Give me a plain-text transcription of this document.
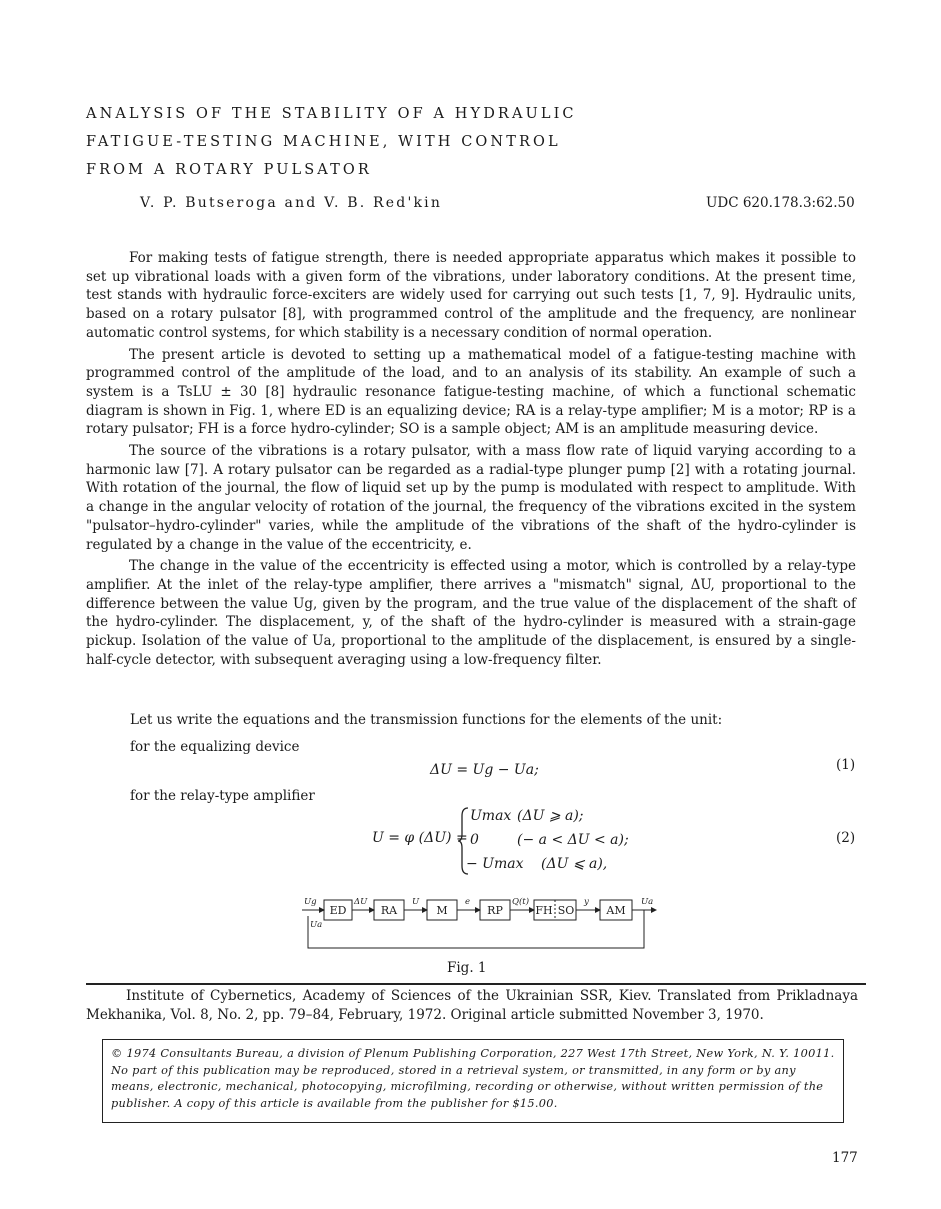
ANALYSIS OF THE STABILITY OF A HYDRAULIC
FATIGUE-TESTING MACHINE, WITH CONTROL
FROM A ROTARY PULSATOR
V. P. Butseroga and V. B. Red'kin	UDC 620.178.3:62.50

For making tests of fatigue strength, there is needed appropriate apparatus which makes it possible to set up vibrational loads with a given form of the vibrations, under laboratory conditions. At the present time, test stands with hydraulic force-exciters are widely used for carrying out such tests [1, 7, 9]. Hydraulic units, based on a rotary pulsator [8], with programmed control of the amplitude and the frequency, are nonlinear automatic control systems, for which stability is a necessary condition of normal operation.

The present article is devoted to setting up a mathematical model of a fatigue-testing machine with programmed control of the amplitude of the load, and to an analysis of its stability. An example of such a system is a TsLU ± 30 [8] hydraulic resonance fatigue-testing machine, of which a functional schematic diagram is shown in Fig. 1, where ED is an equalizing device; RA is a relay-type amplifier; M is a motor; RP is a rotary pulsator; FH is a force hydro-cylinder; SO is a sample object; AM is an amplitude measuring device.

The source of the vibrations is a rotary pulsator, with a mass flow rate of liquid varying according to a harmonic law [7]. A rotary pulsator can be regarded as a radial-type plunger pump [2] with a rotating journal. With rotation of the journal, the flow of liquid set up by the pump is modulated with respect to amplitude. With a change in the angular velocity of rotation of the journal, the frequency of the vibrations excited in the system "pulsator–hydro-cylinder" varies, while the amplitude of the vibrations of the shaft of the hydro-cylinder is regulated by a change in the value of the eccentricity, e.

The change in the value of the eccentricity is effected using a motor, which is controlled by a relay-type amplifier. At the inlet of the relay-type amplifier, there arrives a "mismatch" signal, ΔU, proportional to the difference between the value Ug, given by the program, and the true value of the displacement of the shaft of the hydro-cylinder. The displacement, y, of the shaft of the hydro-cylinder is measured with a strain-gage pickup. Isolation of the value of Ua, proportional to the amplitude of the displacement, is ensured by a single-half-cycle detector, with subsequent averaging using a low-frequency filter.

Let us write the equations and the transmission functions for the elements of the unit:
for the equalizing device
ΔU = Ug − Ua;	(1)
for the relay-type amplifier
U = φ (ΔU) =
Umax (ΔU ⩾ a);
0	(− a < ΔU < a);
− Umax (ΔU ⩽ a),
(2)
ED	RA	M	RP	FH SO	AM
Ug	ΔU	U	e	Q(t)	y	Ua
Ua
Fig. 1

Institute of Cybernetics, Academy of Sciences of the Ukrainian SSR, Kiev. Translated from Prikladnaya Mekhanika, Vol. 8, No. 2, pp. 79–84, February, 1972. Original article submitted November 3, 1970.

© 1974 Consultants Bureau, a division of Plenum Publishing Corporation, 227 West 17th Street, New York, N. Y. 10011. No part of this publication may be reproduced, stored in a retrieval system, or transmitted, in any form or by any means, electronic, mechanical, photocopying, microfilming, recording or otherwise, without written permission of the publisher. A copy of this article is available from the publisher for $15.00.
177
